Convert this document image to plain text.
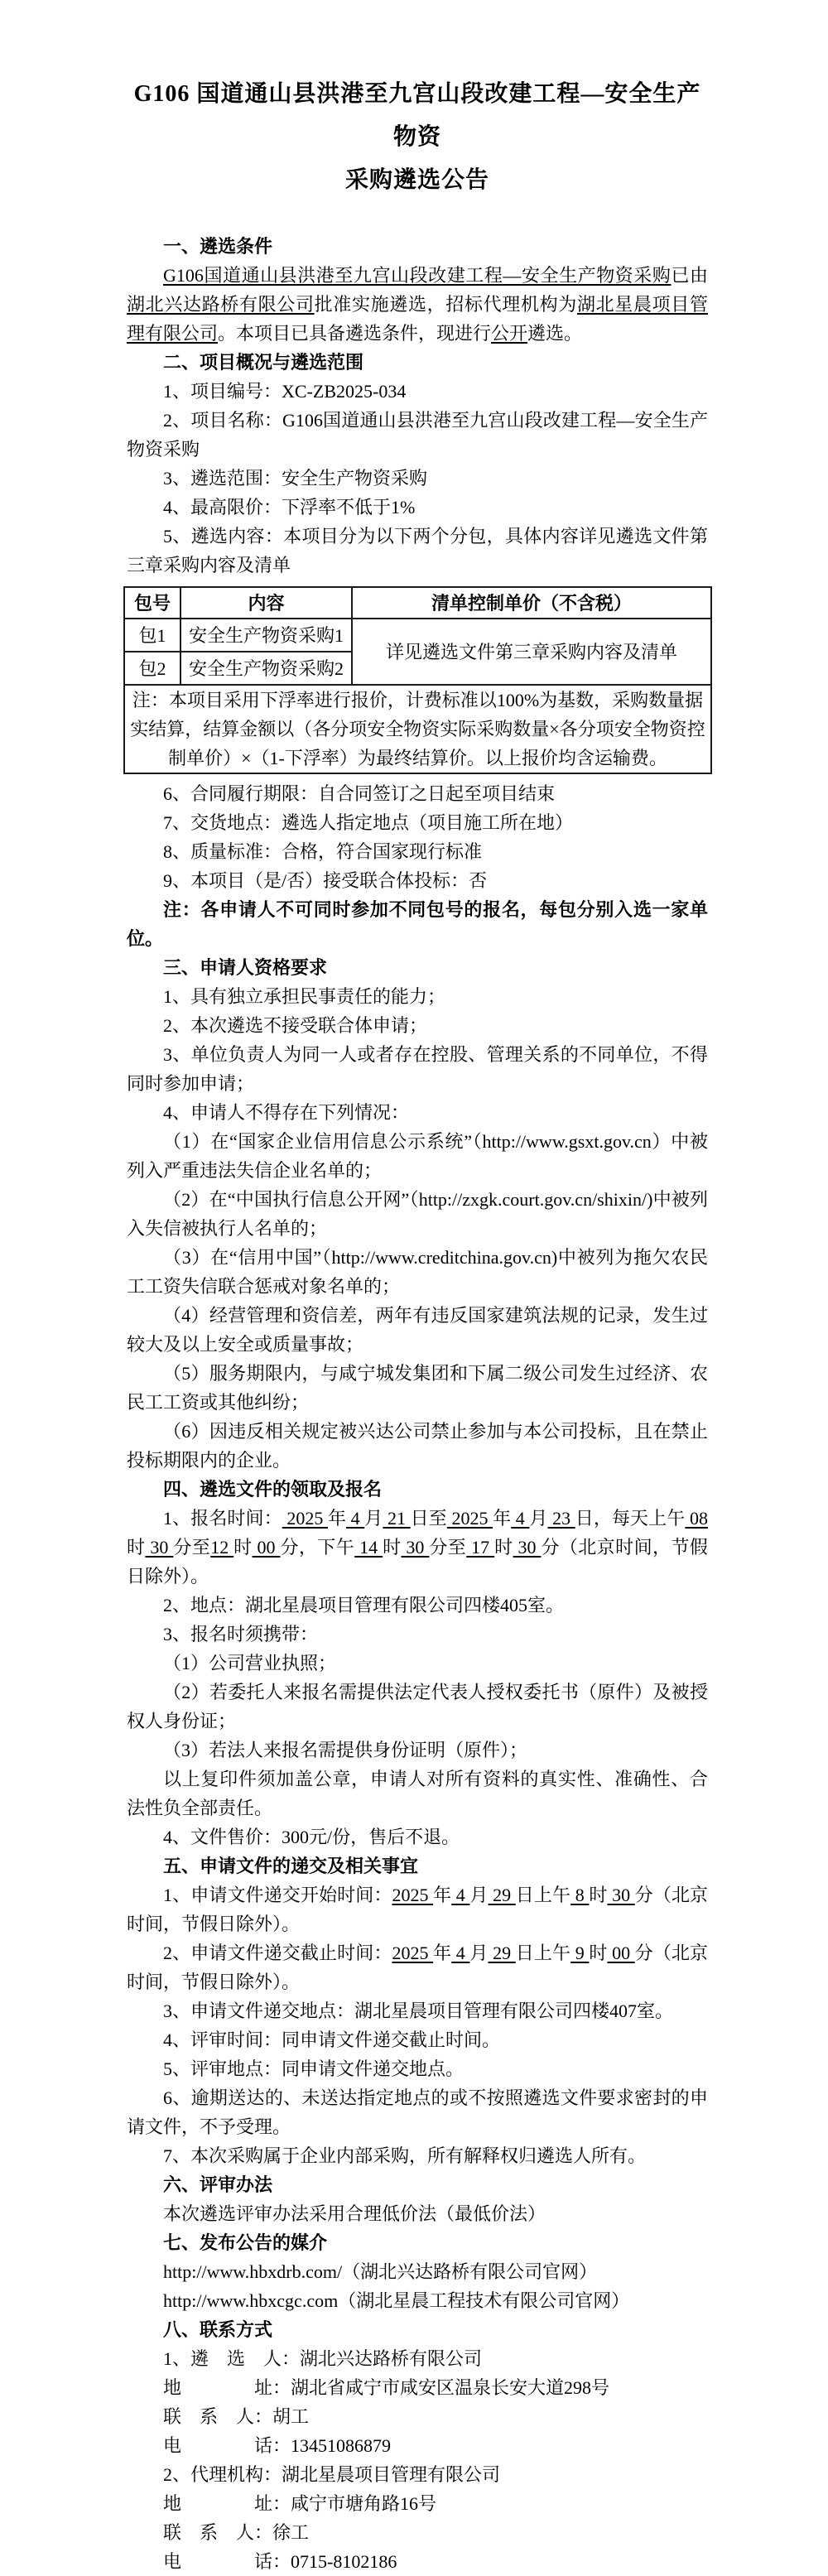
G106 国道通山县洪港至九宫山段改建工程—安全生产物资
采购遴选公告

一、遴选条件

G106国道通山县洪港至九宫山段改建工程—安全生产物资采购已由湖北兴达路桥有限公司批准实施遴选，招标代理机构为湖北星晨项目管理有限公司。本项目已具备遴选条件，现进行公开遴选。

二、项目概况与遴选范围

1、项目编号：XC-ZB2025-034

2、项目名称：G106国道通山县洪港至九宫山段改建工程—安全生产物资采购

3、遴选范围：安全生产物资采购

4、最高限价：下浮率不低于1%

5、遴选内容：本项目分为以下两个分包，具体内容详见遴选文件第三章采购内容及清单

包号	内容	清单控制单价（不含税）
包1	安全生产物资采购1	详见遴选文件第三章采购内容及清单
包2	安全生产物资采购2	
注：本项目采用下浮率进行报价，计费标准以100%为基数，采购数量据实结算，结算金额以（各分项安全物资实际采购数量×各分项安全物资控制单价）×（1-下浮率）为最终结算价。以上报价均含运输费。		

6、合同履行期限：自合同签订之日起至项目结束

7、交货地点：遴选人指定地点（项目施工所在地）

8、质量标准：合格，符合国家现行标准

9、本项目（是/否）接受联合体投标：否

注：各申请人不可同时参加不同包号的报名，每包分别入选一家单位。

三、申请人资格要求

1、具有独立承担民事责任的能力；

2、本次遴选不接受联合体申请；

3、单位负责人为同一人或者存在控股、管理关系的不同单位，不得同时参加申请；

4、申请人不得存在下列情况：

（1）在“国家企业信用信息公示系统”（http://www.gsxt.gov.cn）中被列入严重违法失信企业名单的；

（2）在“中国执行信息公开网”（http://zxgk.court.gov.cn/shixin/)中被列入失信被执行人名单的；

（3）在“信用中国”（http://www.creditchina.gov.cn)中被列为拖欠农民工工资失信联合惩戒对象名单的；

（4）经营管理和资信差，两年有违反国家建筑法规的记录，发生过较大及以上安全或质量事故；

（5）服务期限内，与咸宁城发集团和下属二级公司发生过经济、农民工工资或其他纠纷；

（6）因违反相关规定被兴达公司禁止参加与本公司投标，且在禁止投标期限内的企业。

四、遴选文件的领取及报名

1、报名时间： 2025 年 4 月 21 日至 2025 年 4 月 23 日，每天上午 08 时 30 分至12 时 00 分，下午 14 时 30 分至 17 时 30 分（北京时间，节假日除外）。

2、地点：湖北星晨项目管理有限公司四楼405室。

3、报名时须携带：

（1）公司营业执照；

（2）若委托人来报名需提供法定代表人授权委托书（原件）及被授权人身份证；

（3）若法人来报名需提供身份证明（原件）；

以上复印件须加盖公章，申请人对所有资料的真实性、准确性、合法性负全部责任。

4、文件售价：300元/份，售后不退。

五、申请文件的递交及相关事宜

1、申请文件递交开始时间：2025 年 4 月 29 日上午 8 时 30 分（北京时间，节假日除外）。

2、申请文件递交截止时间：2025 年 4 月 29 日上午 9 时 00 分（北京时间，节假日除外）。

3、申请文件递交地点：湖北星晨项目管理有限公司四楼407室。

4、评审时间：同申请文件递交截止时间。

5、评审地点：同申请文件递交地点。

6、逾期送达的、未送达指定地点的或不按照遴选文件要求密封的申请文件，不予受理。

7、本次采购属于企业内部采购，所有解释权归遴选人所有。

六、评审办法

本次遴选评审办法采用合理低价法（最低价法）

七、发布公告的媒介

http://www.hbxdrb.com/（湖北兴达路桥有限公司官网）

http://www.hbxcgc.com（湖北星晨工程技术有限公司官网）

八、联系方式

1、遴　选　人：湖北兴达路桥有限公司

地　　　　址：湖北省咸宁市咸安区温泉长安大道298号

联　系　人：胡工

电　　　　话：13451086879

2、代理机构：湖北星晨项目管理有限公司

地　　　　址：咸宁市塘角路16号

联　系　人：徐工

电　　　　话：0715-8102186
